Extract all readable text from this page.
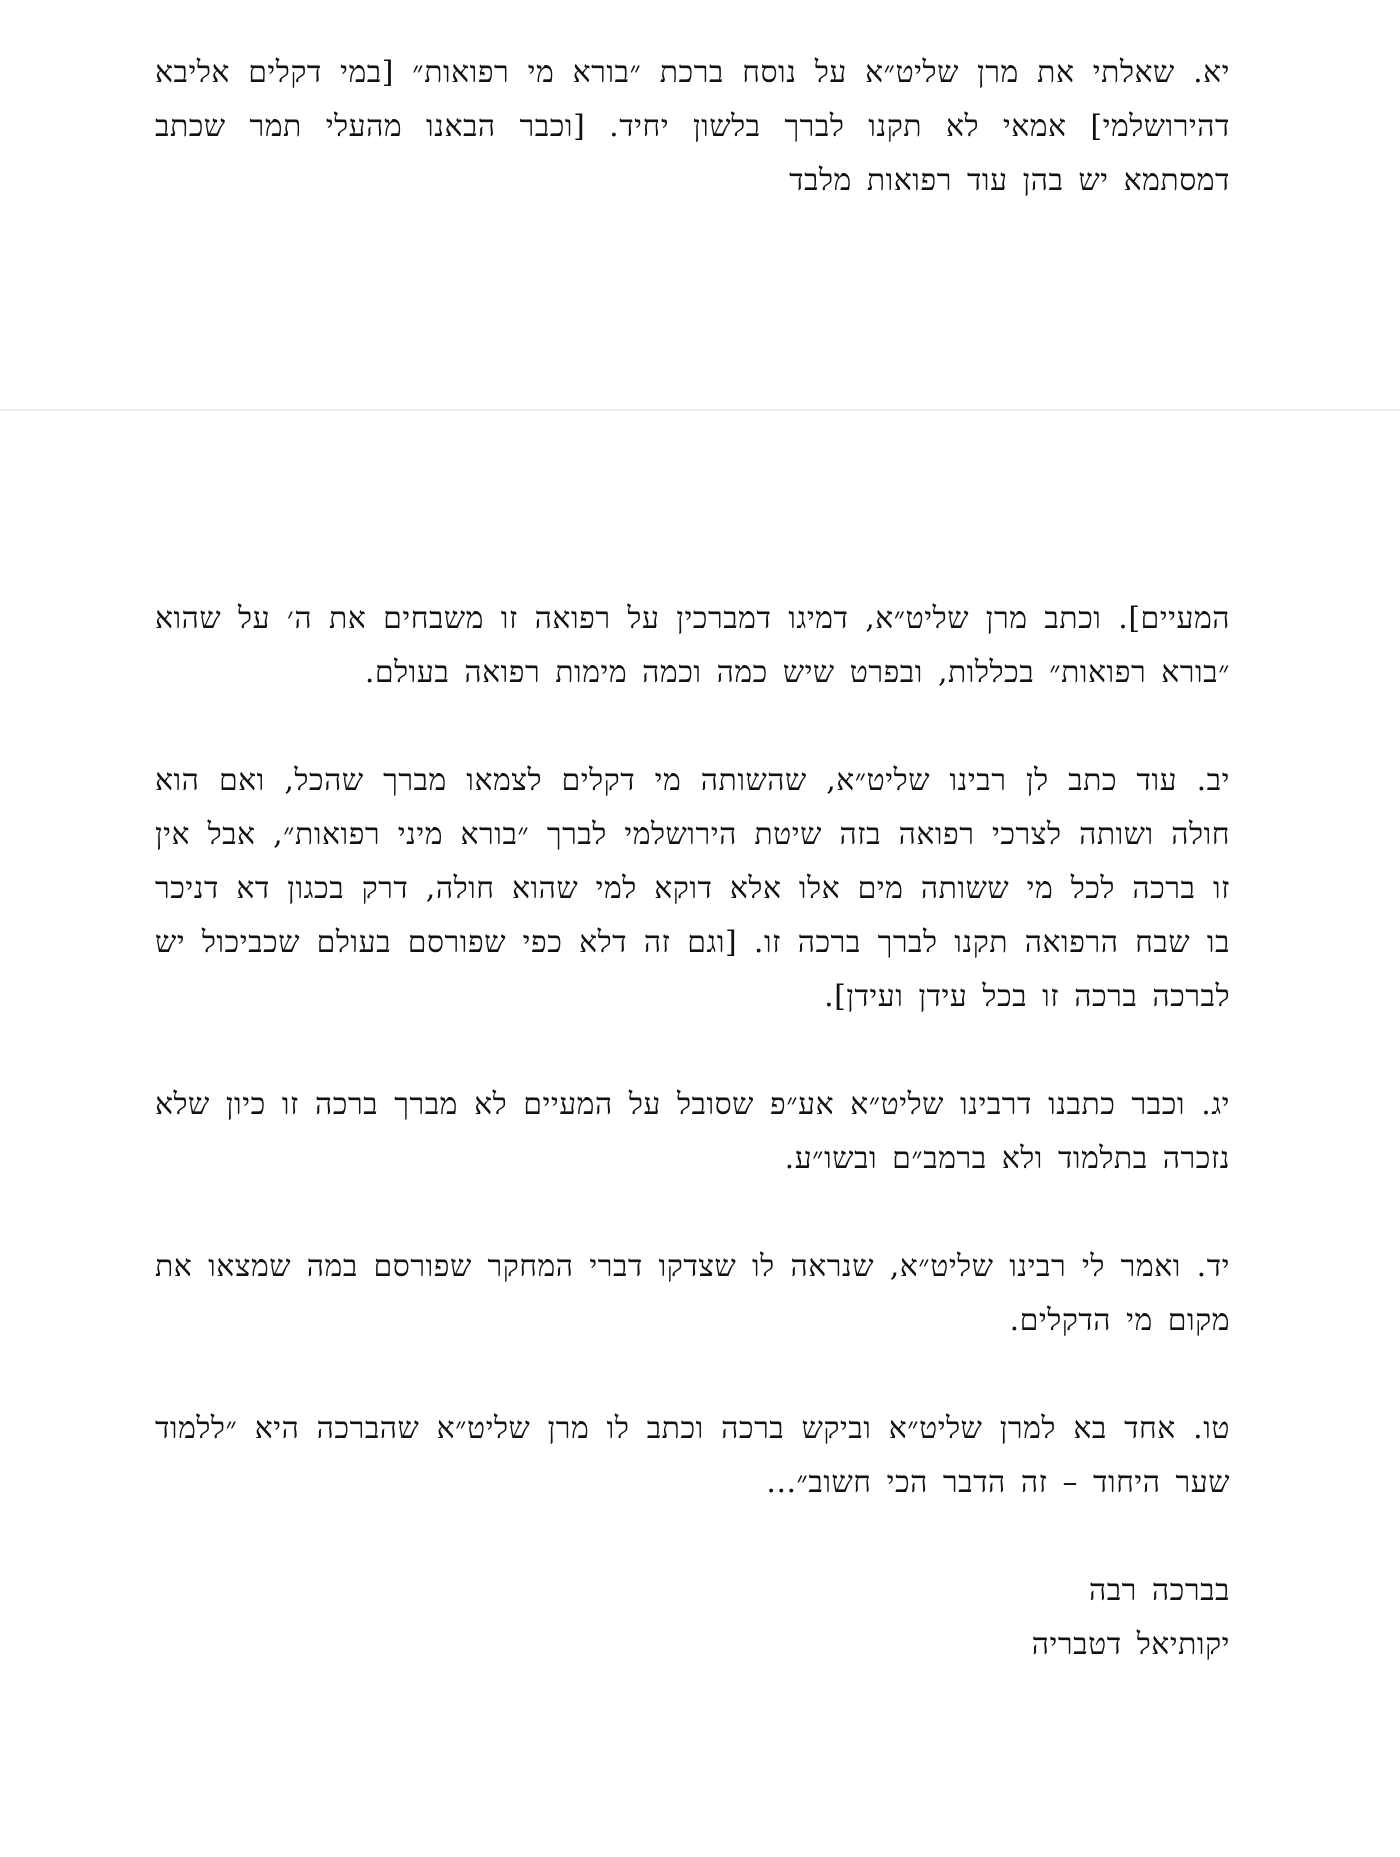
יא. שאלתי את מרן שליט״א על נוסח ברכת ״בורא מי רפואות״ [במי דקלים אליבא דהירושלמי] אמאי לא תקנו לברך בלשון יחיד. [וכבר הבאנו מהעלי תמר שכתב דמסתמא יש בהן עוד רפואות מלבד

המעיים]. וכתב מרן שליט״א, דמיגו דמברכין על רפואה זו משבחים את ה׳ על שהוא ״בורא רפואות״ בכללות, ובפרט שיש כמה וכמה מימות רפואה בעולם.

יב. עוד כתב לן רבינו שליט״א, שהשותה מי דקלים לצמאו מברך שהכל, ואם הוא חולה ושותה לצרכי רפואה בזה שיטת הירושלמי לברך ״בורא מיני רפואות״, אבל אין זו ברכה לכל מי ששותה מים אלו אלא דוקא למי שהוא חולה, דרק בכגון דא דניכר בו שבח הרפואה תקנו לברך ברכה זו. [וגם זה דלא כפי שפורסם בעולם שכביכול יש לברכה ברכה זו בכל עידן ועידן].

יג. וכבר כתבנו דרבינו שליט״א אע״פ שסובל על המעיים לא מברך ברכה זו כיון שלא נזכרה בתלמוד ולא ברמב״ם ובשו״ע.

יד. ואמר לי רבינו שליט״א, שנראה לו שצדקו דברי המחקר שפורסם במה שמצאו את מקום מי הדקלים.

טו. אחד בא למרן שליט״א וביקש ברכה וכתב לו מרן שליט״א שהברכה היא ״ללמוד שער היחוד – זה הדבר הכי חשוב״...

בברכה רבה

יקותיאל דטבריה
